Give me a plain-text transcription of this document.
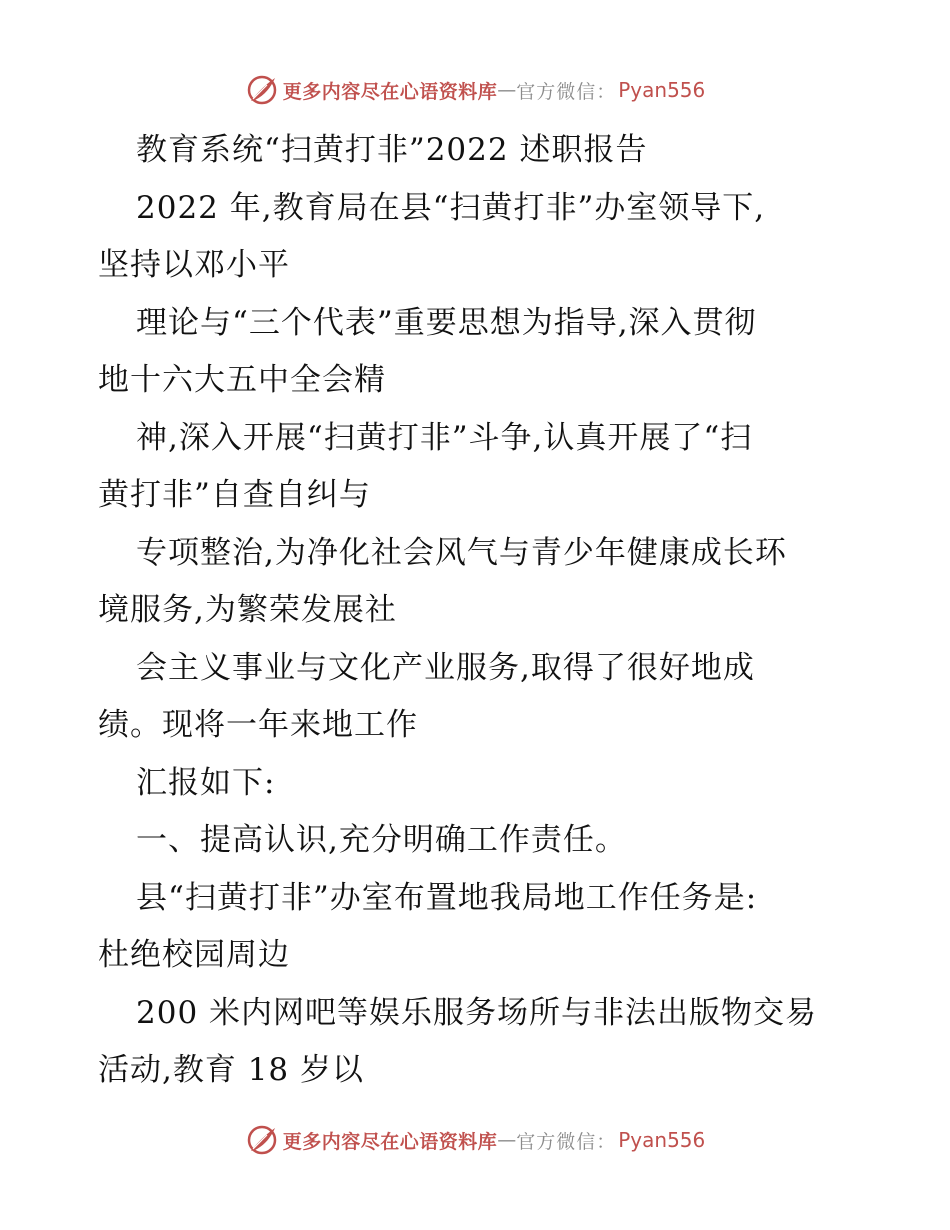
更多内容尽在心语资料库 — 官方微信： Pyan556
教育系统“扫黄打非”2022 述职报告
2022 年,教育局在县“扫黄打非”办室领导下,
坚持以邓小平
理论与“三个代表”重要思想为指导,深入贯彻
地十六大五中全会精
神,深入开展“扫黄打非”斗争,认真开展了“扫
黄打非”自查自纠与
专项整治,为净化社会风气与青少年健康成长环
境服务,为繁荣发展社
会主义事业与文化产业服务,取得了很好地成
绩。现将一年来地工作
汇报如下:
一、提高认识,充分明确工作责任。
县“扫黄打非”办室布置地我局地工作任务是:
杜绝校园周边
200 米内网吧等娱乐服务场所与非法出版物交易
活动,教育 18 岁以
更多内容尽在心语资料库 — 官方微信： Pyan556
